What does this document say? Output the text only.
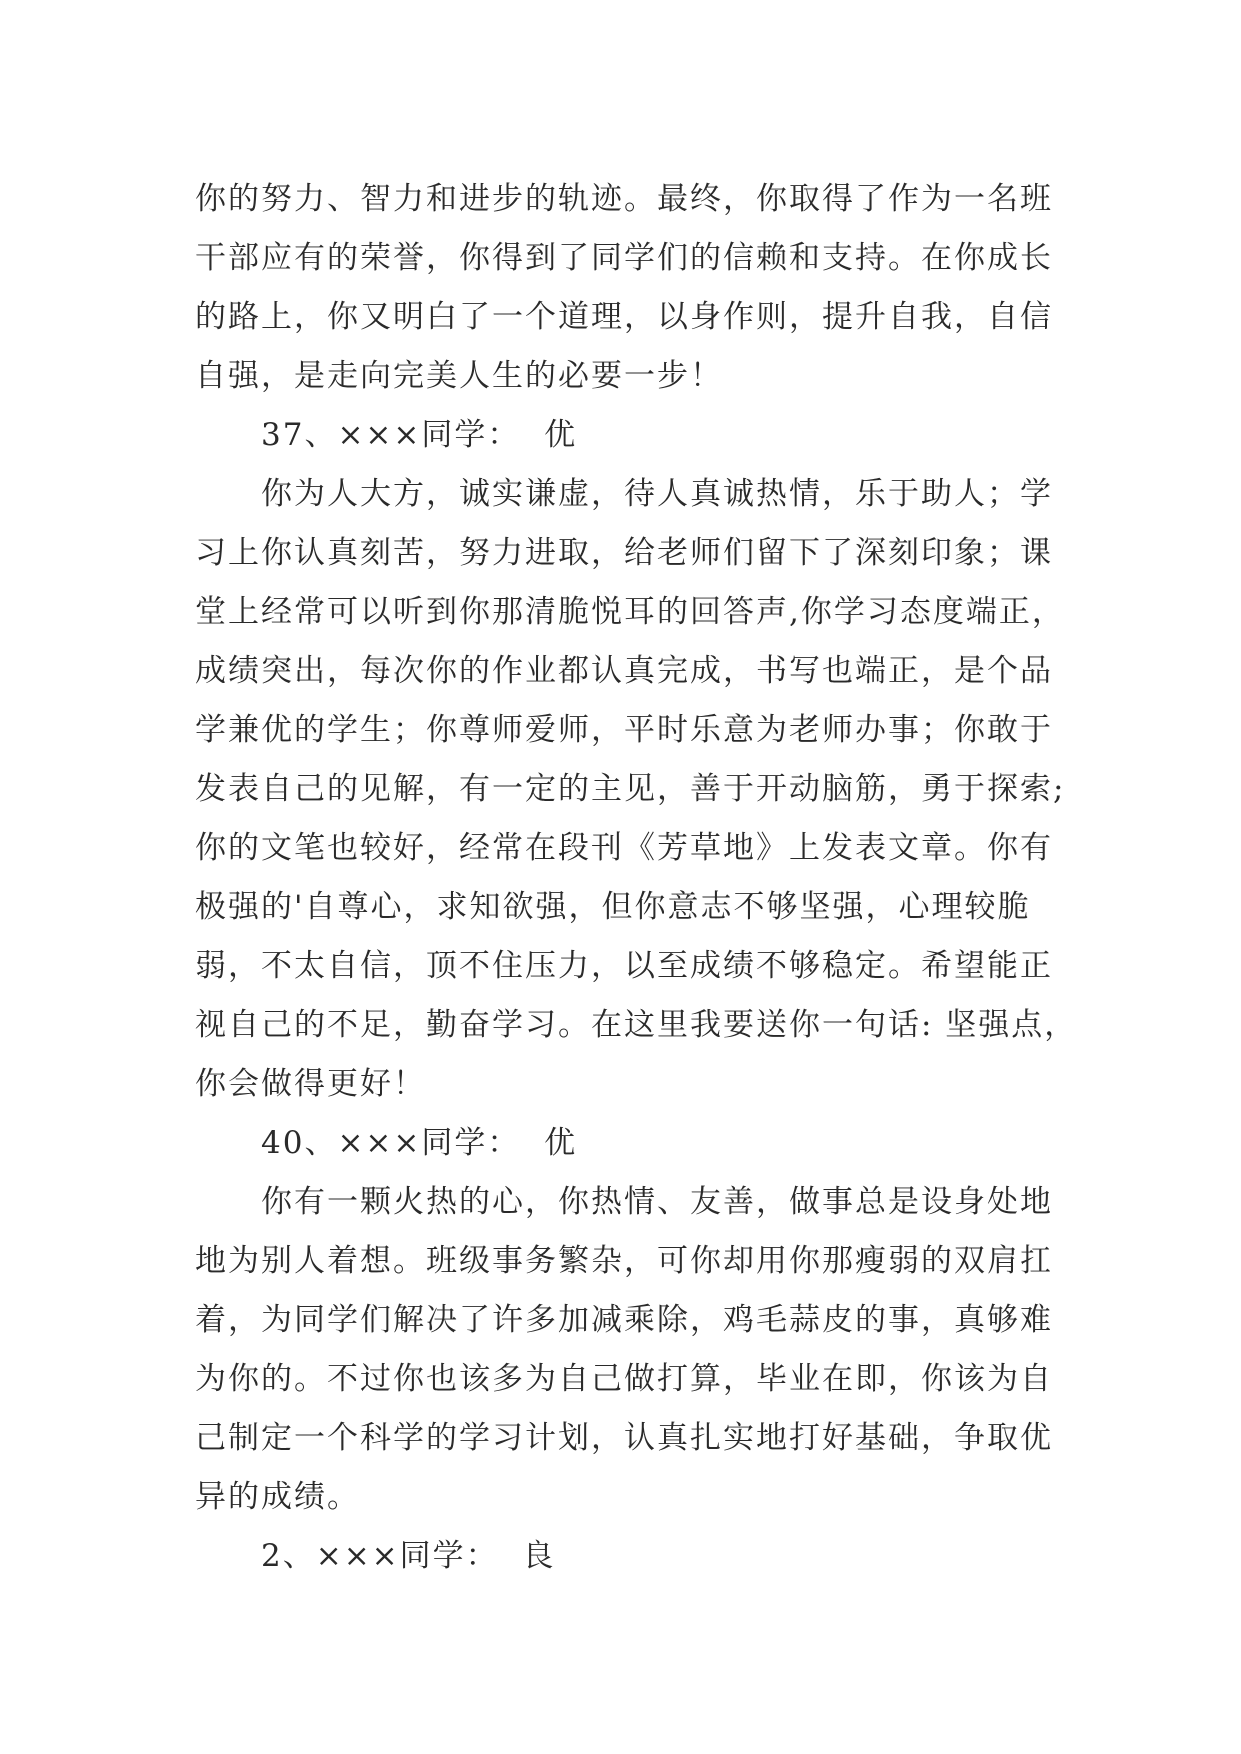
你的努力、智力和进步的轨迹。最终，你取得了作为一名班
干部应有的荣誉，你得到了同学们的信赖和支持。在你成长
的路上，你又明白了一个道理，以身作则，提升自我，自信
自强，是走向完美人生的必要一步！
37、×××同学：  优
你为人大方，诚实谦虚，待人真诚热情，乐于助人；学
习上你认真刻苦，努力进取，给老师们留下了深刻印象；课
堂上经常可以听到你那清脆悦耳的回答声,你学习态度端正，
成绩突出，每次你的作业都认真完成，书写也端正，是个品
学兼优的学生；你尊师爱师，平时乐意为老师办事；你敢于
发表自己的见解，有一定的主见，善于开动脑筋，勇于探索;
你的文笔也较好，经常在段刊《芳草地》上发表文章。你有
极强的'自尊心，求知欲强，但你意志不够坚强，心理较脆
弱，不太自信，顶不住压力，以至成绩不够稳定。希望能正
视自己的不足，勤奋学习。在这里我要送你一句话: 坚强点，
你会做得更好！
40、×××同学：  优
你有一颗火热的心，你热情、友善，做事总是设身处地
地为别人着想。班级事务繁杂，可你却用你那瘦弱的双肩扛
着，为同学们解决了许多加减乘除，鸡毛蒜皮的事，真够难
为你的。不过你也该多为自己做打算，毕业在即，你该为自
己制定一个科学的学习计划，认真扎实地打好基础，争取优
异的成绩。
2、×××同学：  良
